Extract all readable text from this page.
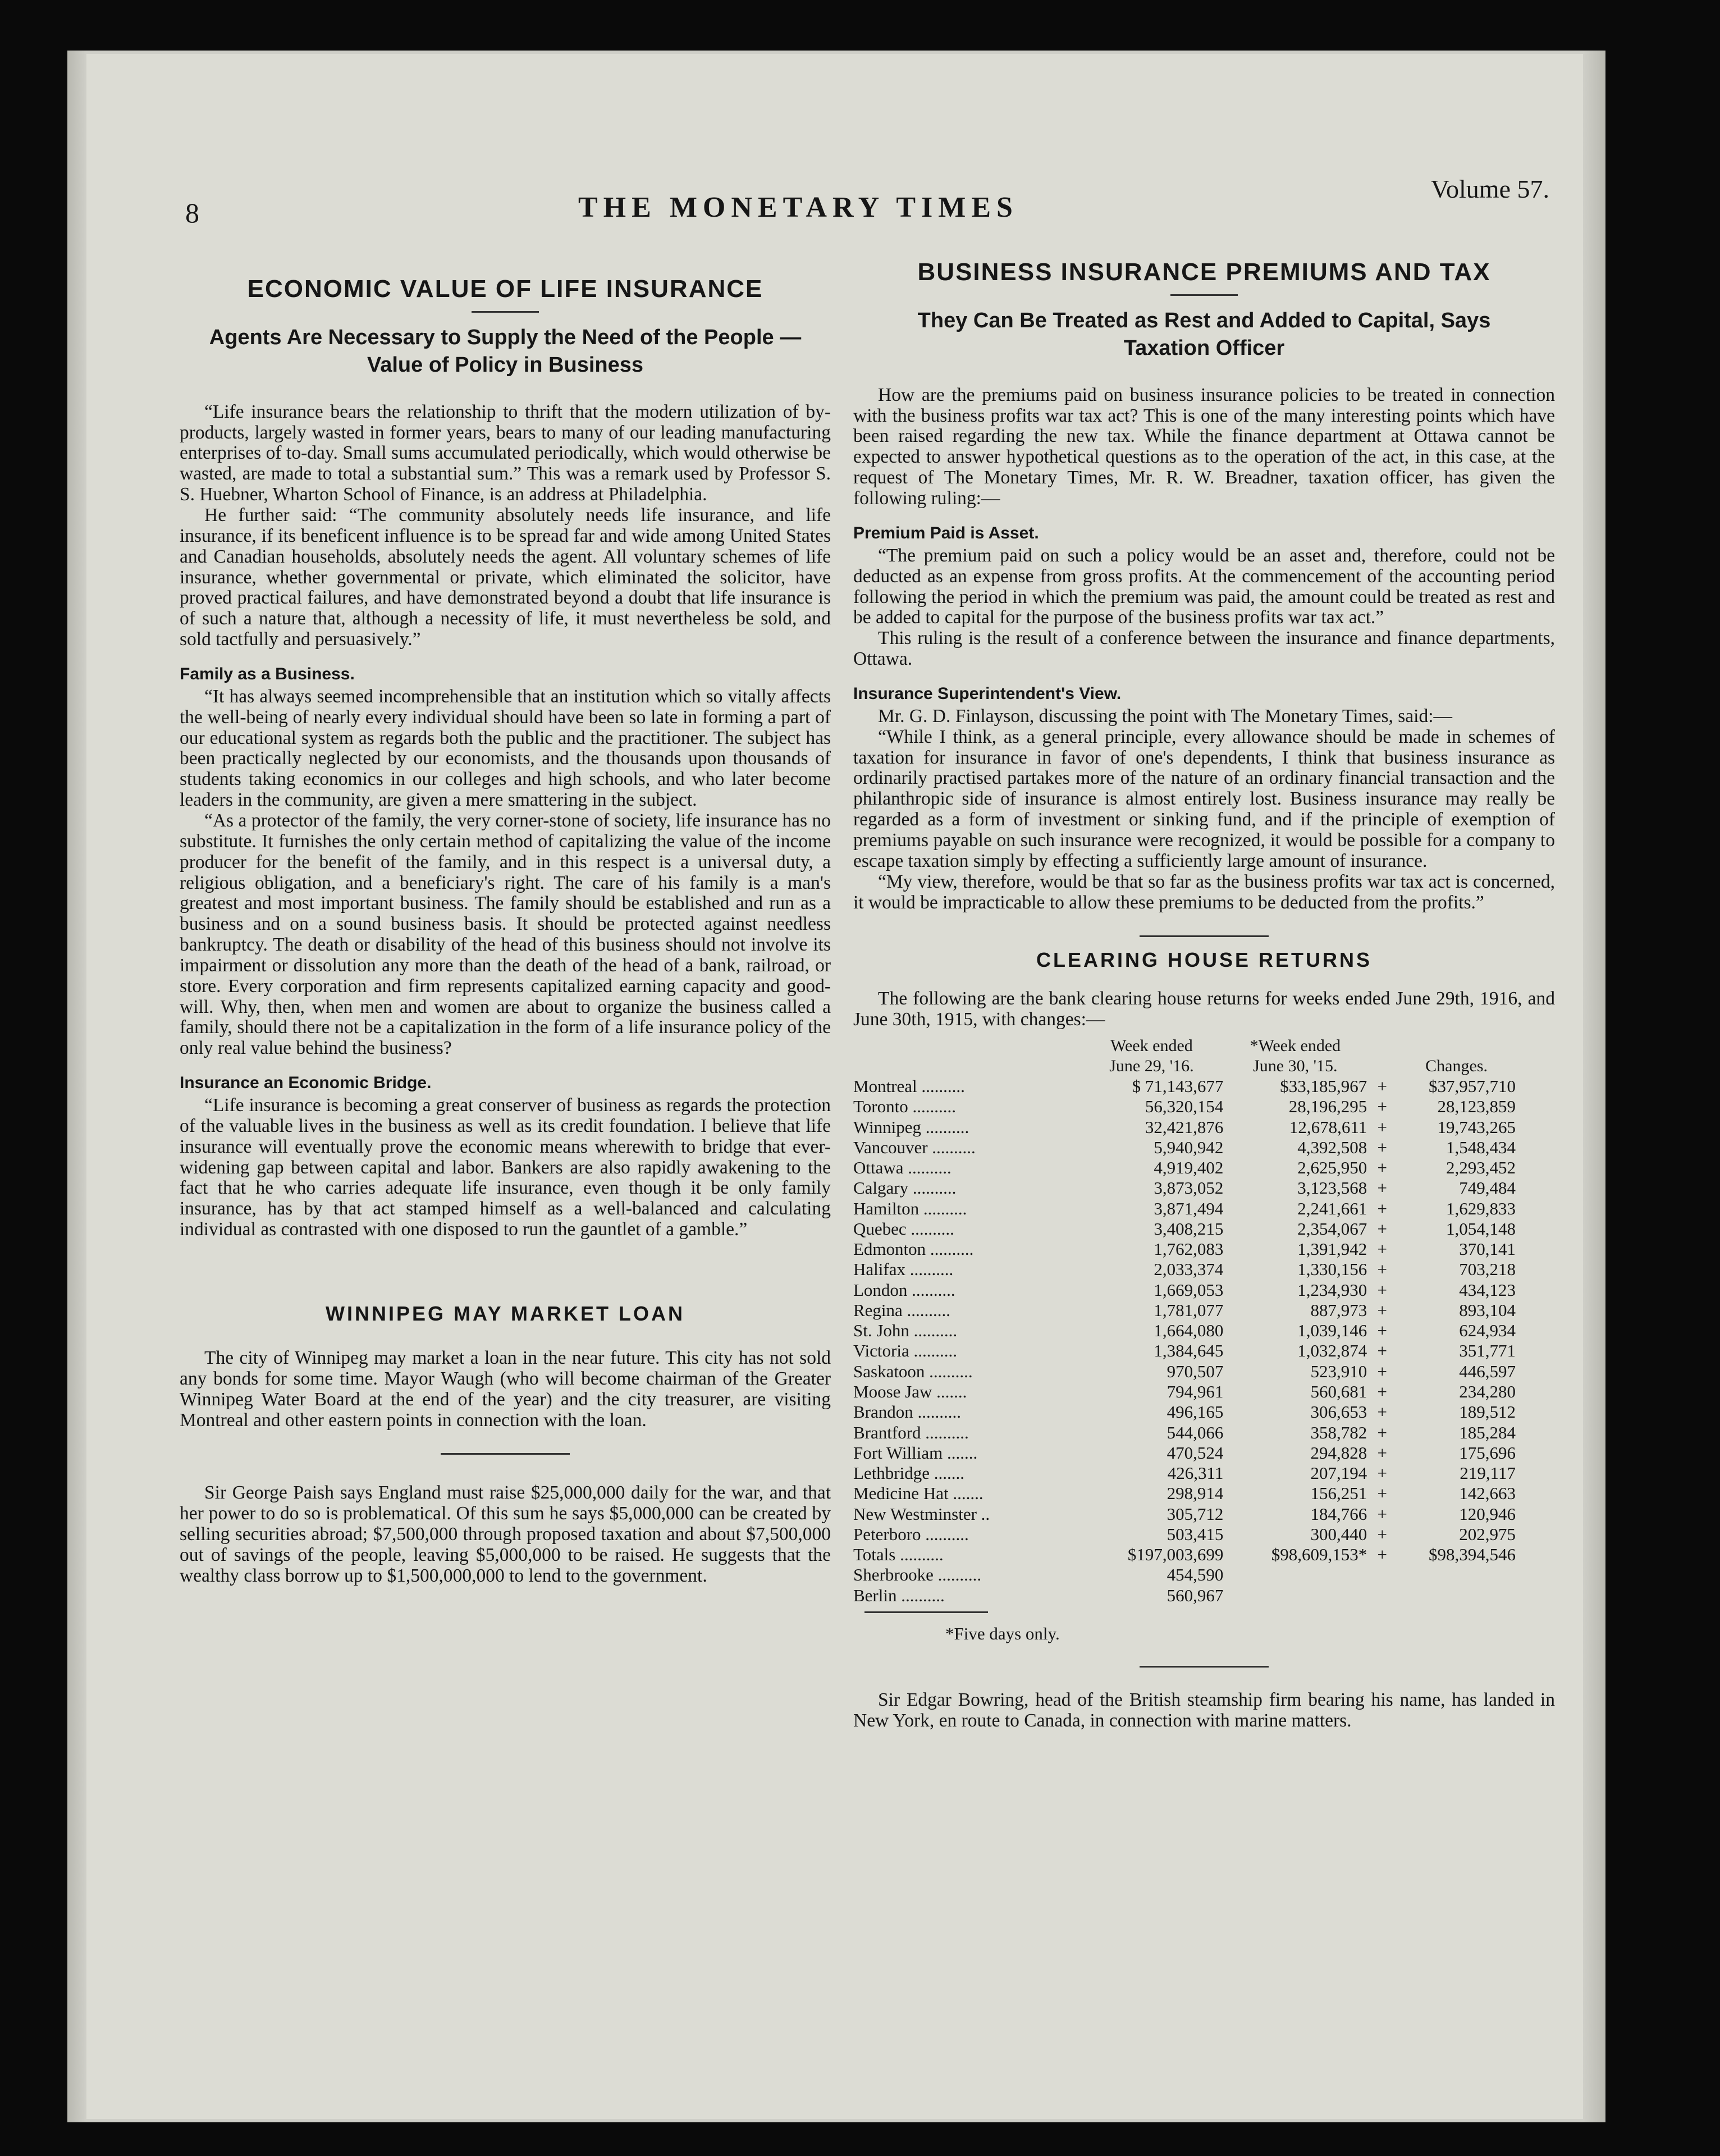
8	THE MONETARY TIMES
Volume 57.
ECONOMIC VALUE OF LIFE INSURANCE
Agents Are Necessary to Supply the Need of the People —Value of Policy in Business

“Life insurance bears the relationship to thrift that the modern utilization of by-products, largely wasted in former years, bears to many of our leading manufacturing enterprises of to-day. Small sums accumulated periodically, which would otherwise be wasted, are made to total a substantial sum.” This was a remark used by Professor S. S. Huebner, Wharton School of Finance, is an address at Philadelphia.

He further said: “The community absolutely needs life insurance, and life insurance, if its beneficent influence is to be spread far and wide among United States and Canadian households, absolutely needs the agent. All voluntary schemes of life insurance, whether governmental or private, which eliminated the solicitor, have proved practical failures, and have demonstrated beyond a doubt that life insurance is of such a nature that, although a necessity of life, it must nevertheless be sold, and sold tactfully and persuasively.”

Family as a Business.

“It has always seemed incomprehensible that an institution which so vitally affects the well-being of nearly every individual should have been so late in forming a part of our educational system as regards both the public and the practitioner. The subject has been practically neglected by our economists, and the thousands upon thousands of students taking economics in our colleges and high schools, and who later become leaders in the community, are given a mere smattering in the subject.

“As a protector of the family, the very corner-stone of society, life insurance has no substitute. It furnishes the only certain method of capitalizing the value of the income producer for the benefit of the family, and in this respect is a universal duty, a religious obligation, and a beneficiary's right. The care of his family is a man's greatest and most important business. The family should be established and run as a business and on a sound business basis. It should be protected against needless bankruptcy. The death or disability of the head of this business should not involve its impairment or dissolution any more than the death of the head of a bank, railroad, or store. Every corporation and firm represents capitalized earning capacity and good-will. Why, then, when men and women are about to organize the business called a family, should there not be a capitalization in the form of a life insurance policy of the only real value behind the business?

Insurance an Economic Bridge.

“Life insurance is becoming a great conserver of business as regards the protection of the valuable lives in the business as well as its credit foundation. I believe that life insurance will eventually prove the economic means wherewith to bridge that ever-widening gap between capital and labor. Bankers are also rapidly awakening to the fact that he who carries adequate life insurance, even though it be only family insurance, has by that act stamped himself as a well-balanced and calculating individual as contrasted with one disposed to run the gauntlet of a gamble.”

WINNIPEG MAY MARKET LOAN

The city of Winnipeg may market a loan in the near future. This city has not sold any bonds for some time. Mayor Waugh (who will become chairman of the Greater Winnipeg Water Board at the end of the year) and the city treasurer, are visiting Montreal and other eastern points in connection with the loan.

Sir George Paish says England must raise $25,000,000 daily for the war, and that her power to do so is problematical. Of this sum he says $5,000,000 can be created by selling securities abroad; $7,500,000 through proposed taxation and about $7,500,000 out of savings of the people, leaving $5,000,000 to be raised. He suggests that the wealthy class borrow up to $1,500,000,000 to lend to the government.

BUSINESS INSURANCE PREMIUMS AND TAX
They Can Be Treated as Rest and Added to Capital, Says Taxation Officer

How are the premiums paid on business insurance policies to be treated in connection with the business profits war tax act? This is one of the many interesting points which have been raised regarding the new tax. While the finance department at Ottawa cannot be expected to answer hypothetical questions as to the operation of the act, in this case, at the request of The Monetary Times, Mr. R. W. Breadner, taxation officer, has given the following ruling:—

Premium Paid is Asset.

“The premium paid on such a policy would be an asset and, therefore, could not be deducted as an expense from gross profits. At the commencement of the accounting period following the period in which the premium was paid, the amount could be treated as rest and be added to capital for the purpose of the business profits war tax act.”

This ruling is the result of a conference between the insurance and finance departments, Ottawa.

Insurance Superintendent's View.

Mr. G. D. Finlayson, discussing the point with The Monetary Times, said:—

“While I think, as a general principle, every allowance should be made in schemes of taxation for insurance in favor of one's dependents, I think that business insurance as ordinarily practised partakes more of the nature of an ordinary financial transaction and the philanthropic side of insurance is almost entirely lost. Business insurance may really be regarded as a form of investment or sinking fund, and if the principle of exemption of premiums payable on such insurance were recognized, it would be possible for a company to escape taxation simply by effecting a sufficiently large amount of insurance.

“My view, therefore, would be that so far as the business profits war tax act is concerned, it would be impracticable to allow these premiums to be deducted from the profits.”

CLEARING HOUSE RETURNS

The following are the bank clearing house returns for weeks ended June 29th, 1916, and June 30th, 1915, with changes:—

	Week ended
June 29, '16.	*Week ended
June 30, '15.		Changes.
Montreal ..........	$ 71,143,677	$33,185,967	+	$37,957,710
Toronto ..........	56,320,154	28,196,295	+	28,123,859
Winnipeg ..........	32,421,876	12,678,611	+	19,743,265
Vancouver ..........	5,940,942	4,392,508	+	1,548,434
Ottawa ..........	4,919,402	2,625,950	+	2,293,452
Calgary ..........	3,873,052	3,123,568	+	749,484
Hamilton ..........	3,871,494	2,241,661	+	1,629,833
Quebec ..........	3,408,215	2,354,067	+	1,054,148
Edmonton ..........	1,762,083	1,391,942	+	370,141
Halifax ..........	2,033,374	1,330,156	+	703,218
London ..........	1,669,053	1,234,930	+	434,123
Regina ..........	1,781,077	887,973	+	893,104
St. John ..........	1,664,080	1,039,146	+	624,934
Victoria ..........	1,384,645	1,032,874	+	351,771
Saskatoon ..........	970,507	523,910	+	446,597
Moose Jaw .......	794,961	560,681	+	234,280
Brandon ..........	496,165	306,653	+	189,512
Brantford ..........	544,066	358,782	+	185,284
Fort William .......	470,524	294,828	+	175,696
Lethbridge .......	426,311	207,194	+	219,117
Medicine Hat .......	298,914	156,251	+	142,663
New Westminster ..	305,712	184,766	+	120,946
Peterboro ..........	503,415	300,440	+	202,975
Totals ..........	$197,003,699	$98,609,153*	+	$98,394,546
Sherbrooke ..........	454,590			
Berlin ..........	560,967			

*Five days only.

Sir Edgar Bowring, head of the British steamship firm bearing his name, has landed in New York, en route to Canada, in connection with marine matters.
